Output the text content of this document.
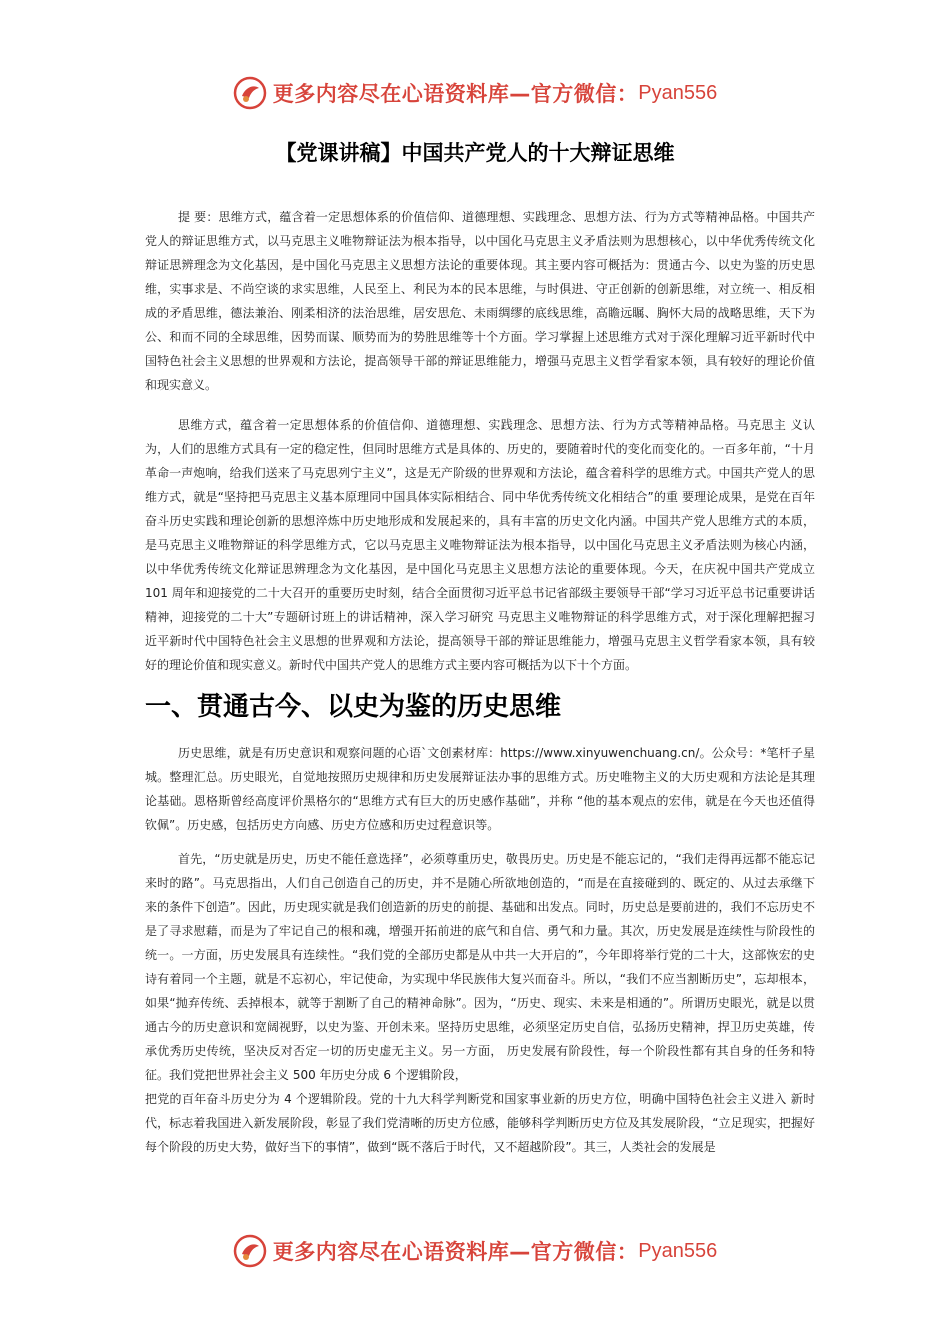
更多内容尽在心语资料库—官方微信： Pyan556
【党课讲稿】中国共产党人的十大辩证思维

提 要：思维方式，蕴含着一定思想体系的价值信仰、道德理想、实践理念、思想方法、行为方式等精神品格。中国共产党人的辩证思维方式，以马克思主义唯物辩证法为根本指导，以中国化马克思主义矛盾法则为思想核心，以中华优秀传统文化辩证思辨理念为文化基因，是中国化马克思主义思想方法论的重要体现。其主要内容可概括为：贯通古今、以史为鉴的历史思维，实事求是、不尚空谈的求实思维，人民至上、利民为本的民本思维，与时俱进、守正创新的创新思维，对立统一、相反相成的矛盾思维，德法兼治、刚柔相济的法治思维，居安思危、未雨绸缪的底线思维，高瞻远瞩、胸怀大局的战略思维，天下为公、和而不同的全球思维，因势而谋、顺势而为的势胜思维等十个方面。学习掌握上述思维方式对于深化理解习近平新时代中国特色社会主义思想的世界观和方法论，提高领导干部的辩证思维能力，增强马克思主义哲学看家本领，具有较好的理论价值和现实意义。

思维方式，蕴含着一定思想体系的价值信仰、道德理想、实践理念、思想方法、行为方式等精神品格。马克思主 义认为，人们的思维方式具有一定的稳定性，但同时思维方式是具体的、历史的，要随着时代的变化而变化的。一百多年前，“十月革命一声炮响，给我们送来了马克思列宁主义”，这是无产阶级的世界观和方法论，蕴含着科学的思维方式。中国共产党人的思维方式，就是“坚持把马克思主义基本原理同中国具体实际相结合、同中华优秀传统文化相结合”的重 要理论成果，是党在百年奋斗历史实践和理论创新的思想淬炼中历史地形成和发展起来的，具有丰富的历史文化内涵。中国共产党人思维方式的本质，是马克思主义唯物辩证的科学思维方式，它以马克思主义唯物辩证法为根本指导，以中国化马克思主义矛盾法则为核心内涵，以中华优秀传统文化辩证思辨理念为文化基因，是中国化马克思主义思想方法论的重要体现。今天，在庆祝中国共产党成立 101 周年和迎接党的二十大召开的重要历史时刻，结合全面贯彻习近平总书记省部级主要领导干部“学习习近平总书记重要讲话精神，迎接党的二十大”专题研讨班上的讲话精神，深入学习研究 马克思主义唯物辩证的科学思维方式，对于深化理解把握习近平新时代中国特色社会主义思想的世界观和方法论，提高领导干部的辩证思维能力，增强马克思主义哲学看家本领，具有较好的理论价值和现实意义。新时代中国共产党人的思维方式主要内容可概括为以下十个方面。

一、贯通古今、以史为鉴的历史思维

历史思维，就是有历史意识和观察问题的心语`文创素材库：https://www.xinyuwenchuang.cn/。公众号：*笔杆子星城。整理汇总。历史眼光，自觉地按照历史规律和历史发展辩证法办事的思维方式。历史唯物主义的大历史观和方法论是其理论基础。恩格斯曾经高度评价黑格尔的“思维方式有巨大的历史感作基础”，并称 “他的基本观点的宏伟，就是在今天也还值得钦佩”。历史感，包括历史方向感、历史方位感和历史过程意识等。

首先，“历史就是历史，历史不能任意选择”，必须尊重历史，敬畏历史。历史是不能忘记的，“我们走得再远都不能忘记来时的路”。马克思指出，人们自己创造自己的历史，并不是随心所欲地创造的，“而是在直接碰到的、既定的、从过去承继下来的条件下创造”。因此，历史现实就是我们创造新的历史的前提、基础和出发点。同时，历史总是要前进的，我们不忘历史不是了寻求慰藉，而是为了牢记自己的根和魂，增强开拓前进的底气和自信、勇气和力量。其次，历史发展是连续性与阶段性的统一。一方面，历史发展具有连续性。“我们党的全部历史都是从中共一大开启的”，今年即将举行党的二十大，这部恢宏的史诗有着同一个主题，就是不忘初心，牢记使命，为实现中华民族伟大复兴而奋斗。所以，“我们不应当割断历史”，忘却根本，如果“抛弃传统、丢掉根本，就等于割断了自己的精神命脉”。因为，“历史、现实、未来是相通的”。所谓历史眼光，就是以贯通古今的历史意识和宽阔视野，以史为鉴、开创未来。坚持历史思维，必须坚定历史自信，弘扬历史精神，捍卫历史英雄，传承优秀历史传统，坚决反对否定一切的历史虚无主义。另一方面， 历史发展有阶段性，每一个阶段性都有其自身的任务和特征。我们党把世界社会主义 500 年历史分成 6 个逻辑阶段，

把党的百年奋斗历史分为 4 个逻辑阶段。党的十九大科学判断党和国家事业新的历史方位，明确中国特色社会主义进入 新时代，标志着我国进入新发展阶段，彰显了我们党清晰的历史方位感，能够科学判断历史方位及其发展阶段，“立足现实，把握好每个阶段的历史大势，做好当下的事情”，做到“既不落后于时代，又不超越阶段”。其三，人类社会的发展是

更多内容尽在心语资料库—官方微信： Pyan556
